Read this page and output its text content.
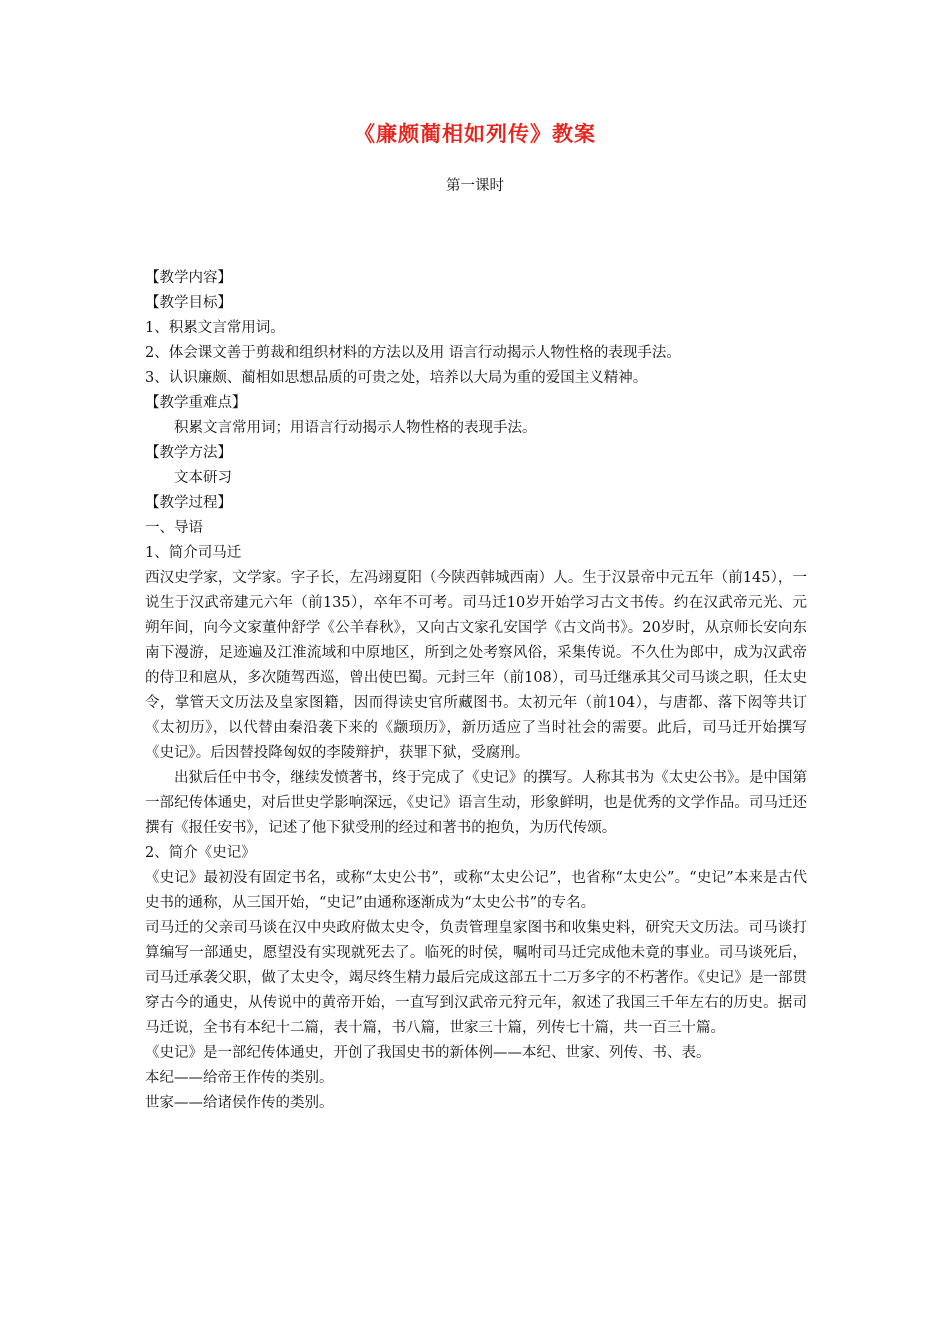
《廉颇蔺相如列传》教案
第一课时
【教学内容】
【教学目标】
1、积累文言常用词。
2、体会课文善于剪裁和组织材料的方法以及用 语言行动揭示人物性格的表现手法。
3、认识廉颇、蔺相如思想品质的可贵之处，培养以大局为重的爱国主义精神。
【教学重难点】
积累文言常用词；用语言行动揭示人物性格的表现手法。
【教学方法】
文本研习
【教学过程】
一、导语
1、简介司马迁
西汉史学家，文学家。字子长，左冯翊夏阳（今陕西韩城西南）人。生于汉景帝中元五年（前145），一说生于汉武帝建元六年（前135），卒年不可考。司马迁10岁开始学习古文书传。约在汉武帝元光、元朔年间，向今文家董仲舒学《公羊春秋》，又向古文家孔安国学《古文尚书》。20岁时，从京师长安向东南下漫游，足迹遍及江淮流域和中原地区，所到之处考察风俗，采集传说。不久仕为郎中，成为汉武帝的侍卫和扈从，多次随驾西巡，曾出使巴蜀。元封三年（前108），司马迁继承其父司马谈之职，任太史令，掌管天文历法及皇家图籍，因而得读史官所藏图书。太初元年（前104），与唐都、落下闳等共订《太初历》，以代替由秦沿袭下来的《颛顼历》，新历适应了当时社会的需要。此后，司马迁开始撰写《史记》。后因替投降匈奴的李陵辩护，获罪下狱，受腐刑。
出狱后任中书令，继续发愤著书，终于完成了《史记》的撰写。人称其书为《太史公书》。是中国第一部纪传体通史，对后世史学影响深远，《史记》语言生动，形象鲜明，也是优秀的文学作品。司马迁还撰有《报任安书》，记述了他下狱受刑的经过和著书的抱负，为历代传颂。
2、简介《史记》
《史记》最初没有固定书名，或称“太史公书”，或称“太史公记”，也省称“太史公”。“史记”本来是古代史书的通称，从三国开始，“史记”由通称逐渐成为“太史公书”的专名。
司马迁的父亲司马谈在汉中央政府做太史令，负责管理皇家图书和收集史料，研究天文历法。司马谈打算编写一部通史，愿望没有实现就死去了。临死的时侯，嘱咐司马迁完成他未竟的事业。司马谈死后，司马迁承袭父职，做了太史令，竭尽终生精力最后完成这部五十二万多字的不朽著作。《史记》是一部贯穿古今的通史，从传说中的黄帝开始，一直写到汉武帝元狩元年，叙述了我国三千年左右的历史。据司马迁说，全书有本纪十二篇，表十篇，书八篇，世家三十篇，列传七十篇，共一百三十篇。
《史记》是一部纪传体通史，开创了我国史书的新体例——本纪、世家、列传、书、表。
本纪——给帝王作传的类别。
世家——给诸侯作传的类别。
